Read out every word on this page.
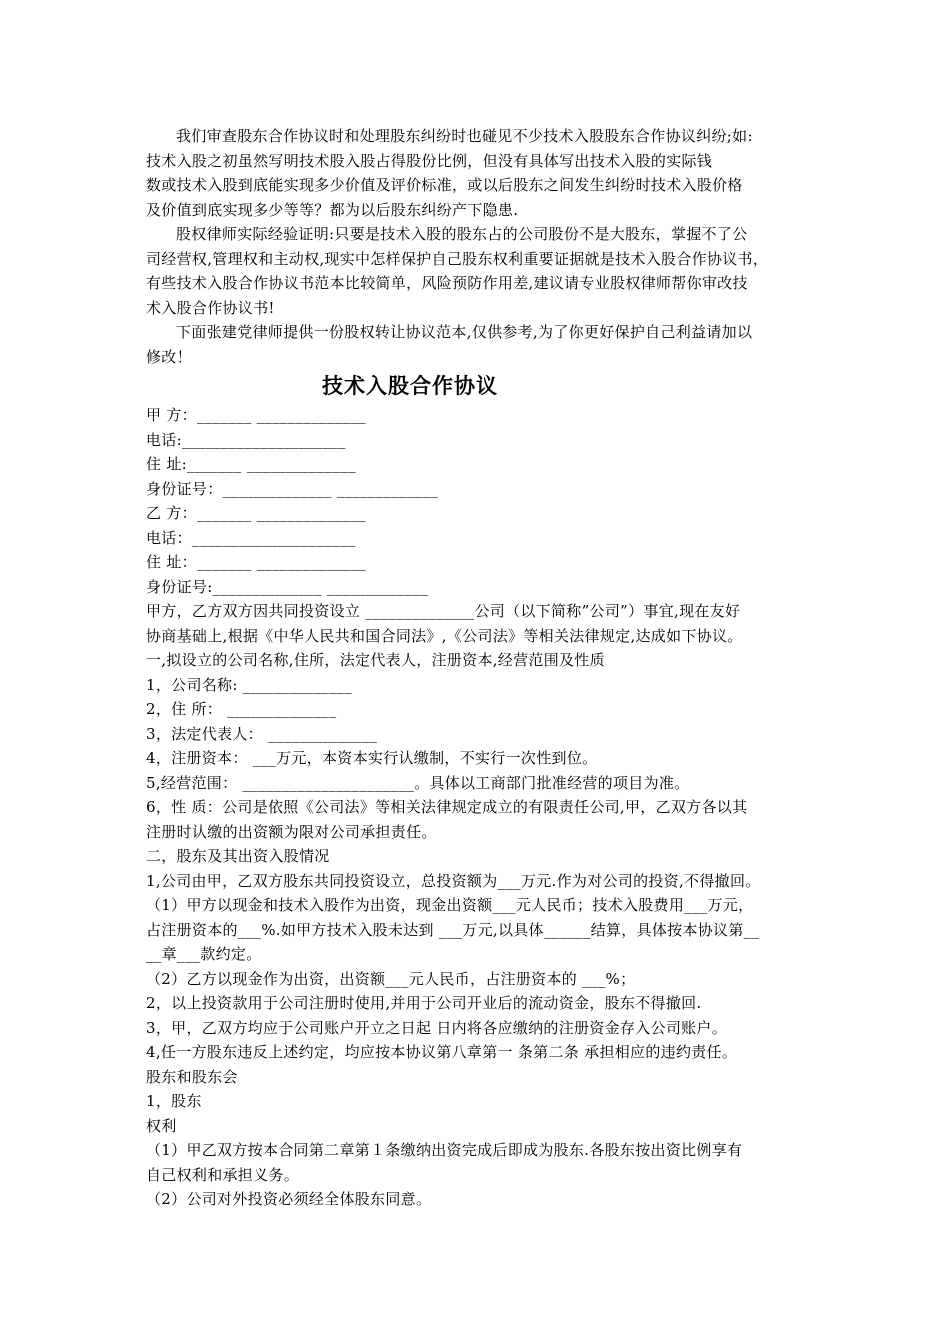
我们审查股东合作协议时和处理股东纠纷时也碰见不少技术入股股东合作协议纠纷;如:
技术入股之初虽然写明技术股入股占得股份比例，但没有具体写出技术入股的实际钱
数或技术入股到底能实现多少价值及评价标准，或以后股东之间发生纠纷时技术入股价格
及价值到底实现多少等等？都为以后股东纠纷产下隐患.
股权律师实际经验证明:只要是技术入股的股东占的公司股份不是大股东，掌握不了公
司经营权,管理权和主动权,现实中怎样保护自己股东权利重要证据就是技术入股合作协议书，
有些技术入股合作协议书范本比较简单，风险预防作用差,建议请专业股权律师帮你审改技
术入股合作协议书!
下面张建党律师提供一份股权转让协议范本,仅供参考,为了你更好保护自己利益请加以
修改！
技术入股合作协议
甲 方：_______ ______________
电话:_____________________
住 址:_______ ______________
身份证号：______________ _____________
乙 方：_______ ______________
电话：_____________________
住 址：_______ ______________
身份证号:______________ _____________
甲方，乙方双方因共同投资设立 ______________公司（以下简称”公司”）事宜,现在友好
协商基础上,根据《中华人民共和国合同法》,《公司法》等相关法律规定,达成如下协议。
一,拟设立的公司名称,住所，法定代表人，注册资本,经营范围及性质
1，公司名称: ______________
2，住 所： ______________
3，法定代表人： ______________
4，注册资本： ___万元，本资本实行认缴制，不实行一次性到位。
5,经营范围： ______________________。具体以工商部门批准经营的项目为准。
6，性 质：公司是依照《公司法》等相关法律规定成立的有限责任公司,甲，乙双方各以其
注册时认缴的出资额为限对公司承担责任。
二，股东及其出资入股情况
1,公司由甲，乙双方股东共同投资设立，总投资额为___万元.作为对公司的投资,不得撤回。
（1）甲方以现金和技术入股作为出资，现金出资额___元人民币；技术入股费用___万元，
占注册资本的___%.如甲方技术入股未达到 ___万元,以具体______结算，具体按本协议第__
__章___款约定。
（2）乙方以现金作为出资，出资额___元人民币，占注册资本的 ___%；
2，以上投资款用于公司注册时使用,并用于公司开业后的流动资金，股东不得撤回.
3，甲，乙双方均应于公司账户开立之日起 日内将各应缴纳的注册资金存入公司账户。
4,任一方股东违反上述约定，均应按本协议第八章第一 条第二条 承担相应的违约责任。
股东和股东会
1，股东
权利
（1）甲乙双方按本合同第二章第１条缴纳出资完成后即成为股东.各股东按出资比例享有
自己权利和承担义务。
（2）公司对外投资必须经全体股东同意。
